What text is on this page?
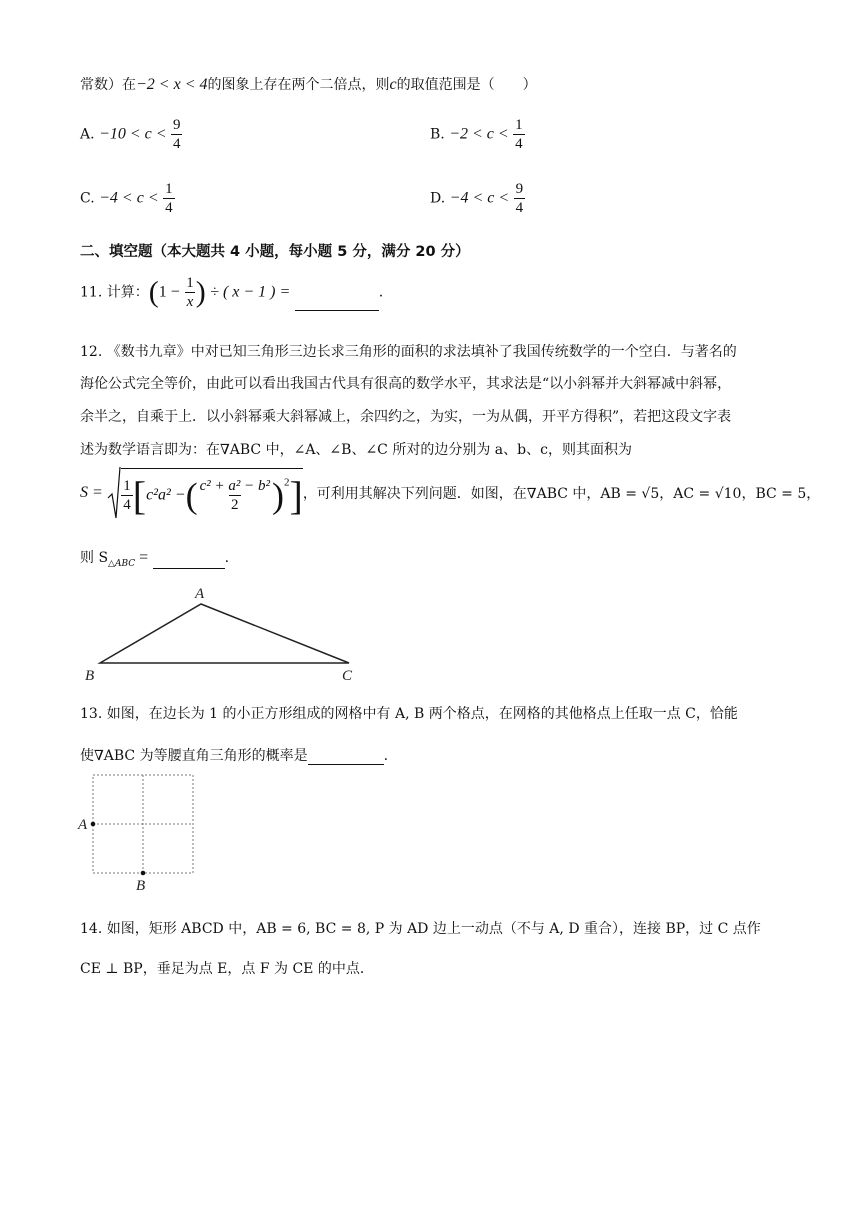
常数）在−2 < x < 4的图象上存在两个二倍点，则c的取值范围是（　　）
A. $-10 < c < \frac{9}{4}$	B. $-2 < c < \frac{1}{4}$
C. $-4 < c < \frac{1}{4}$	D. $-4 < c < \frac{9}{4}$
二、填空题（本大题共 4 小题，每小题 5 分，满分 20 分）
11. 计算：($1 - \frac{1}{x}$ ) ÷ ( x − 1 ) =	.
12. 《数书九章》中对已知三角形三边长求三角形的面积的求法填补了我国传统数学的一个空白．与著名的
海伦公式完全等价，由此可以看出我国古代具有很高的数学水平，其求法是“以小斜幂并大斜幂减中斜幂，
余半之，自乘于上．以小斜幂乘大斜幂减上，余四约之，为实，一为从偶，开平方得积”，若把这段文字表
述为数学语言即为：在∇ABC 中，∠A、∠B、∠C 所对的边分别为 a、b、c，则其面积为
$S = \frac{1}{4} [c^2a^2$ −( $\frac{\text{c² + a² − b²}}{2} )^2$]，可利用其解决下列问题．如图，在∇ABC 中，AB = √5，AC = √10，BC = 5，
则 $S_{\triangle ABC}$ =	.
A
B	C
13. 如图，在边长为 1 的小正方形组成的网格中有 A, B 两个格点，在网格的其他格点上任取一点 C，恰能
使∇ABC 为等腰直角三角形的概率是	.
A
B
14. 如图，矩形 ABCD 中，AB = 6, BC = 8, P 为 AD 边上一动点（不与 A, D 重合），连接 BP，过 C 点作
CE ⊥ BP，垂足为点 E，点 F 为 CE 的中点．
